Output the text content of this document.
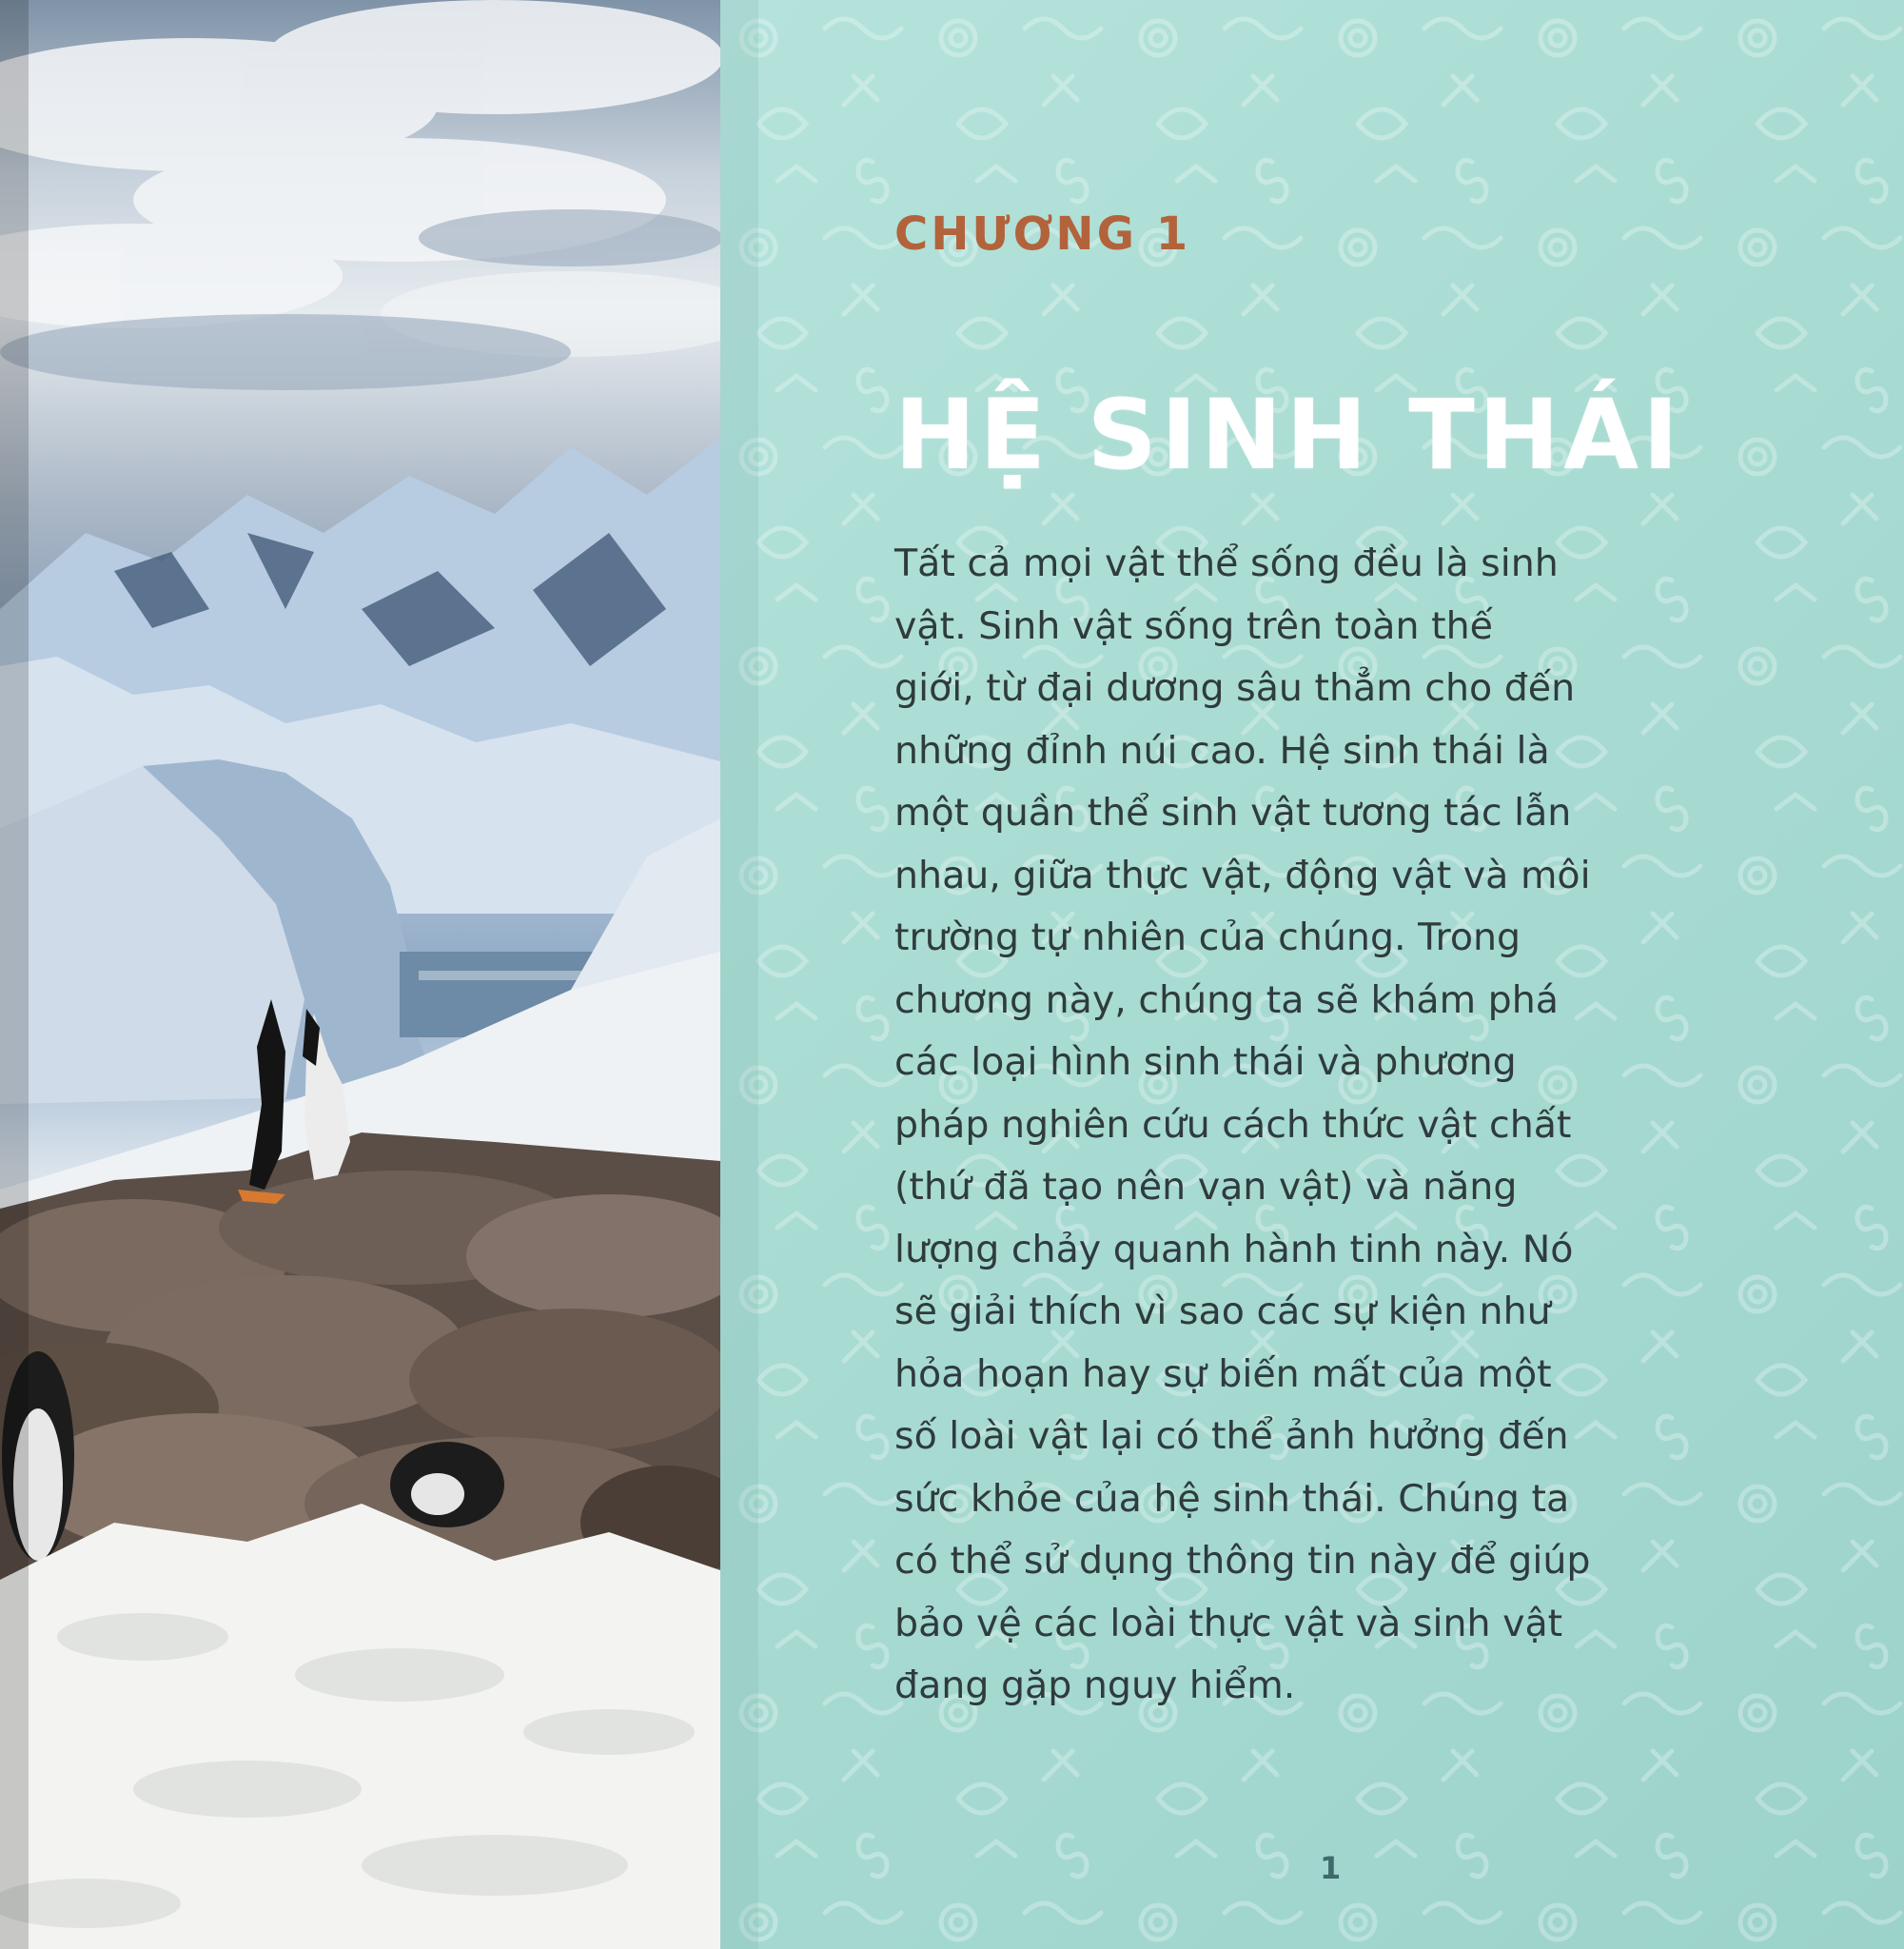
CHƯƠNG 1
HỆ SINH THÁI

Tất cả mọi vật thể sống đều là sinh
vật. Sinh vật sống trên toàn thế
giới, từ đại dương sâu thẳm cho đến
những đỉnh núi cao. Hệ sinh thái là
một quần thể sinh vật tương tác lẫn
nhau, giữa thực vật, động vật và môi
trường tự nhiên của chúng. Trong
chương này, chúng ta sẽ khám phá
các loại hình sinh thái và phương
pháp nghiên cứu cách thức vật chất
(thứ đã tạo nên vạn vật) và năng
lượng chảy quanh hành tinh này. Nó
sẽ giải thích vì sao các sự kiện như
hỏa hoạn hay sự biến mất của một
số loài vật lại có thể ảnh hưởng đến
sức khỏe của hệ sinh thái. Chúng ta
có thể sử dụng thông tin này để giúp
bảo vệ các loài thực vật và sinh vật
đang gặp nguy hiểm.

1
